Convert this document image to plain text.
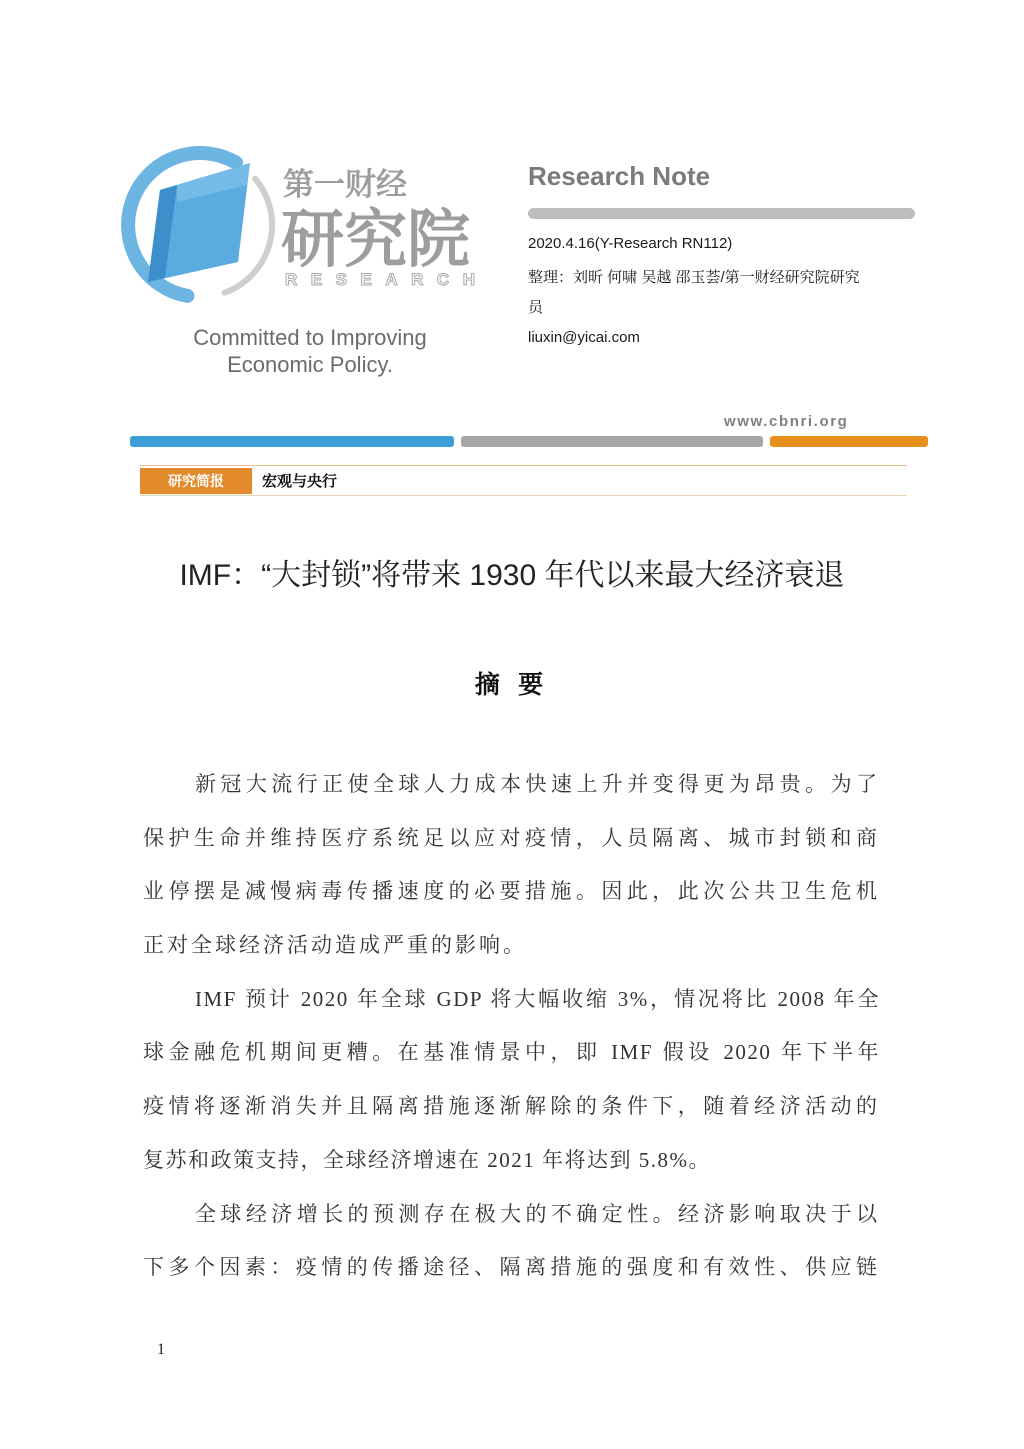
第一财经
研究院
RESEARCH
Committed to Improving
Economic Policy.
Research Note
2020.4.16(Y-Research RN112)
整理：刘昕 何啸 吴越 邵玉荟/第一财经研究院研究
员
liuxin@yicai.com
www.cbnri.org
研究简报	宏观与央行
IMF：“大封锁”将带来 1930 年代以来最大经济衰退
摘 要
新冠大流行正使全球人力成本快速上升并变得更为昂贵。为了
保护生命并维持医疗系统足以应对疫情，人员隔离、城市封锁和商
业停摆是减慢病毒传播速度的必要措施。因此，此次公共卫生危机
正对全球经济活动造成严重的影响。
IMF 预计 2020 年全球 GDP 将大幅收缩 3%，情况将比 2008 年全
球金融危机期间更糟。在基准情景中，即 IMF 假设 2020 年下半年
疫情将逐渐消失并且隔离措施逐渐解除的条件下，随着经济活动的
复苏和政策支持，全球经济增速在 2021 年将达到 5.8%。
全球经济增长的预测存在极大的不确定性。经济影响取决于以
下多个因素：疫情的传播途径、隔离措施的强度和有效性、供应链
1
